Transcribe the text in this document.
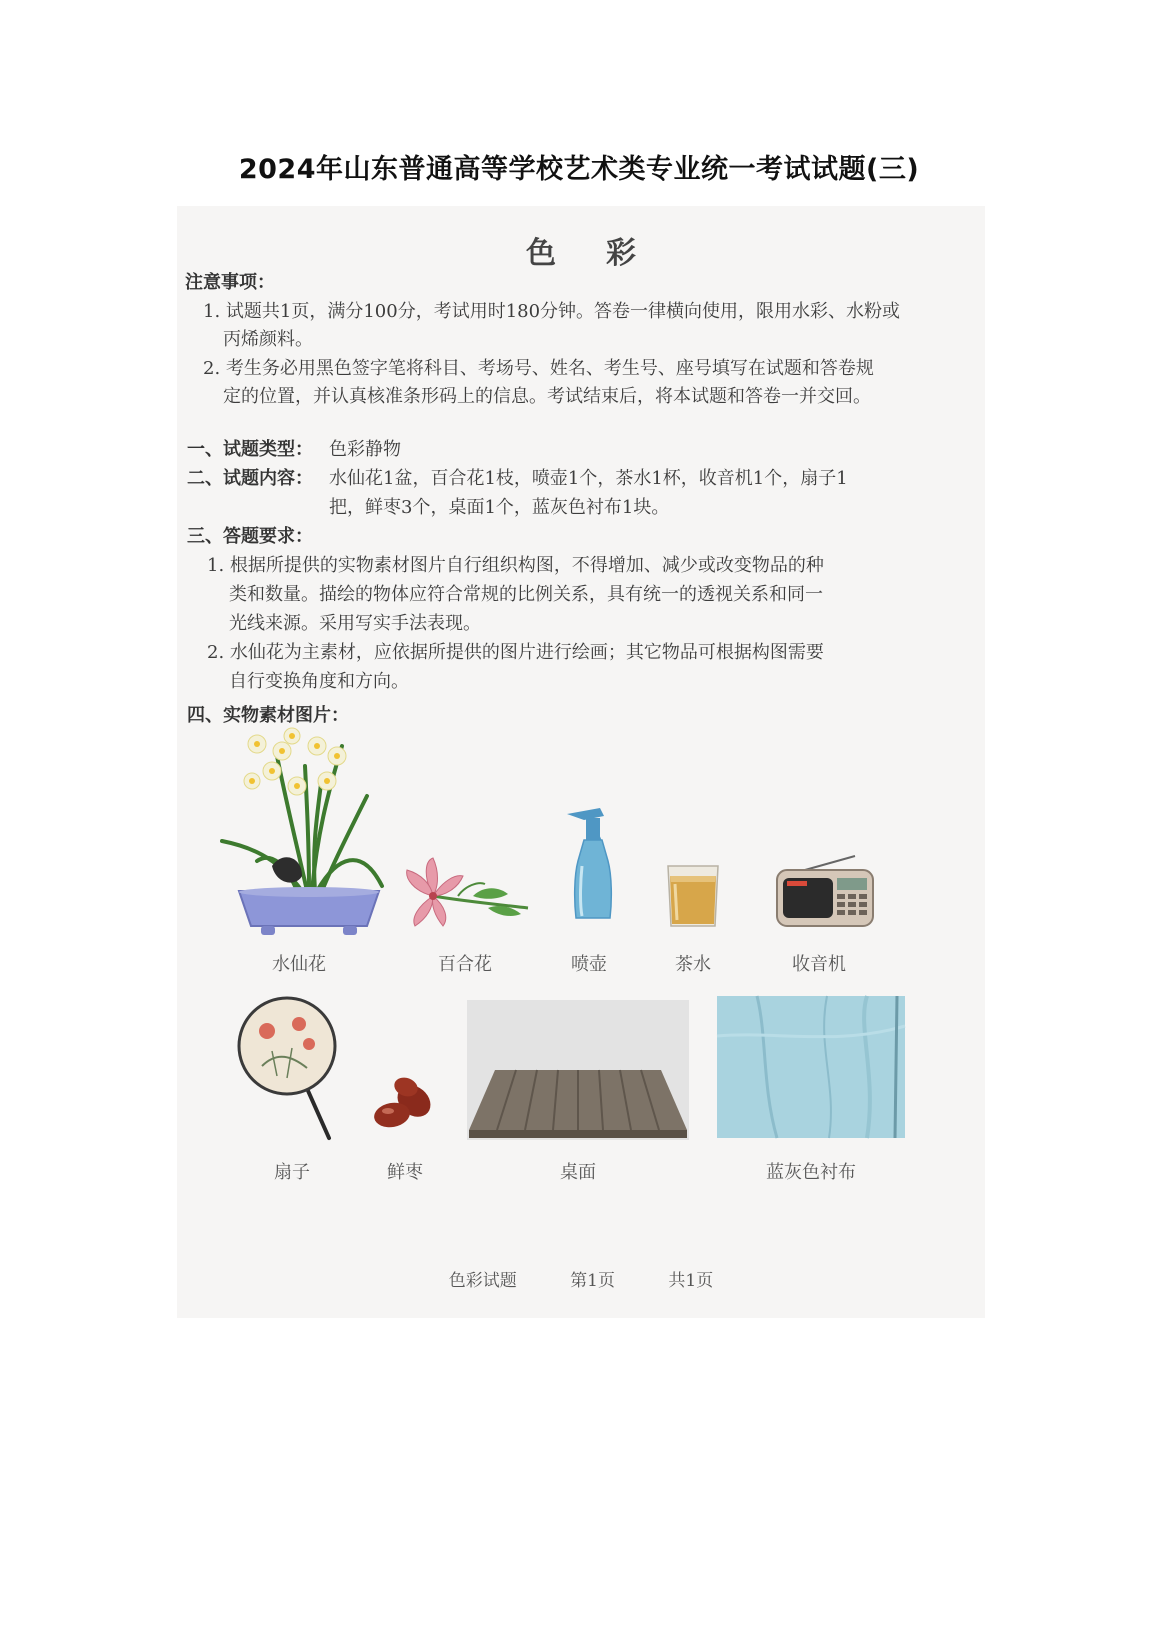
2024年山东普通高等学校艺术类专业统一考试试题(三)
色彩
注意事项：
1. 试题共1页，满分100分，考试用时180分钟。答卷一律横向使用，限用水彩、水粉或
丙烯颜料。
2. 考生务必用黑色签字笔将科目、考场号、姓名、考生号、座号填写在试题和答卷规
定的位置，并认真核准条形码上的信息。考试结束后，将本试题和答卷一并交回。
一、试题类型： 色彩静物
二、试题内容： 水仙花1盆，百合花1枝，喷壶1个，茶水1杯，收音机1个，扇子1
把，鲜枣3个，桌面1个，蓝灰色衬布1块。
三、答题要求：
1. 根据所提供的实物素材图片自行组织构图，不得增加、减少或改变物品的种
类和数量。描绘的物体应符合常规的比例关系，具有统一的透视关系和同一
光线来源。采用写实手法表现。
2. 水仙花为主素材，应依据所提供的图片进行绘画；其它物品可根据构图需要
自行变换角度和方向。
四、实物素材图片：
水仙花	百合花	喷壶	茶水	收音机
扇子	鲜枣	桌面	蓝灰色衬布
色彩试题	第1页	共1页
